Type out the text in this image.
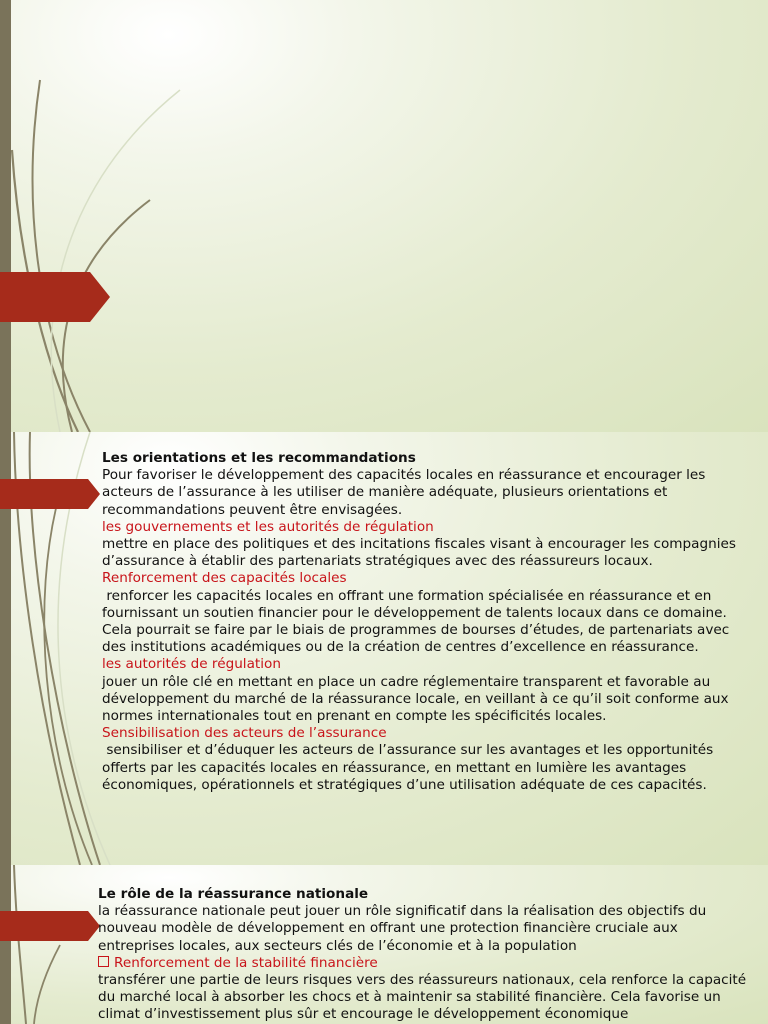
Les orientations et les recommandations

Pour favoriser le développement des capacités locales en réassurance et encourager les acteurs de l’assurance à les utiliser de manière adéquate, plusieurs orientations et recommandations peuvent être envisagées.

les gouvernements et les autorités de régulation

mettre en place des politiques et des incitations fiscales visant à encourager les compagnies d’assurance à établir des partenariats stratégiques avec des réassureurs locaux.

Renforcement des capacités locales

renforcer les capacités locales en offrant une formation spécialisée en réassurance et en fournissant un soutien financier pour le développement de talents locaux dans ce domaine. Cela pourrait se faire par le biais de programmes de bourses d’études, de partenariats avec des institutions académiques ou de la création de centres d’excellence en réassurance.

les autorités de régulation

jouer un rôle clé en mettant en place un cadre réglementaire transparent et favorable au développement du marché de la réassurance locale, en veillant à ce qu’il soit conforme aux normes internationales tout en prenant en compte les spécificités locales.

Sensibilisation des acteurs de l’assurance

sensibiliser et d’éduquer les acteurs de l’assurance sur les avantages et les opportunités offerts par les capacités locales en réassurance, en mettant en lumière les avantages économiques, opérationnels et stratégiques d’une utilisation adéquate de ces capacités.

Le rôle de la réassurance nationale

la réassurance nationale peut jouer un rôle significatif dans la réalisation des objectifs du nouveau modèle de développement en offrant une protection financière cruciale aux entreprises locales, aux secteurs clés de l’économie et à la population

Renforcement de la stabilité financière

transférer une partie de leurs risques vers des réassureurs nationaux, cela renforce la capacité du marché local à absorber les chocs et à maintenir sa stabilité financière. Cela favorise un climat d’investissement plus sûr et encourage le développement économique
